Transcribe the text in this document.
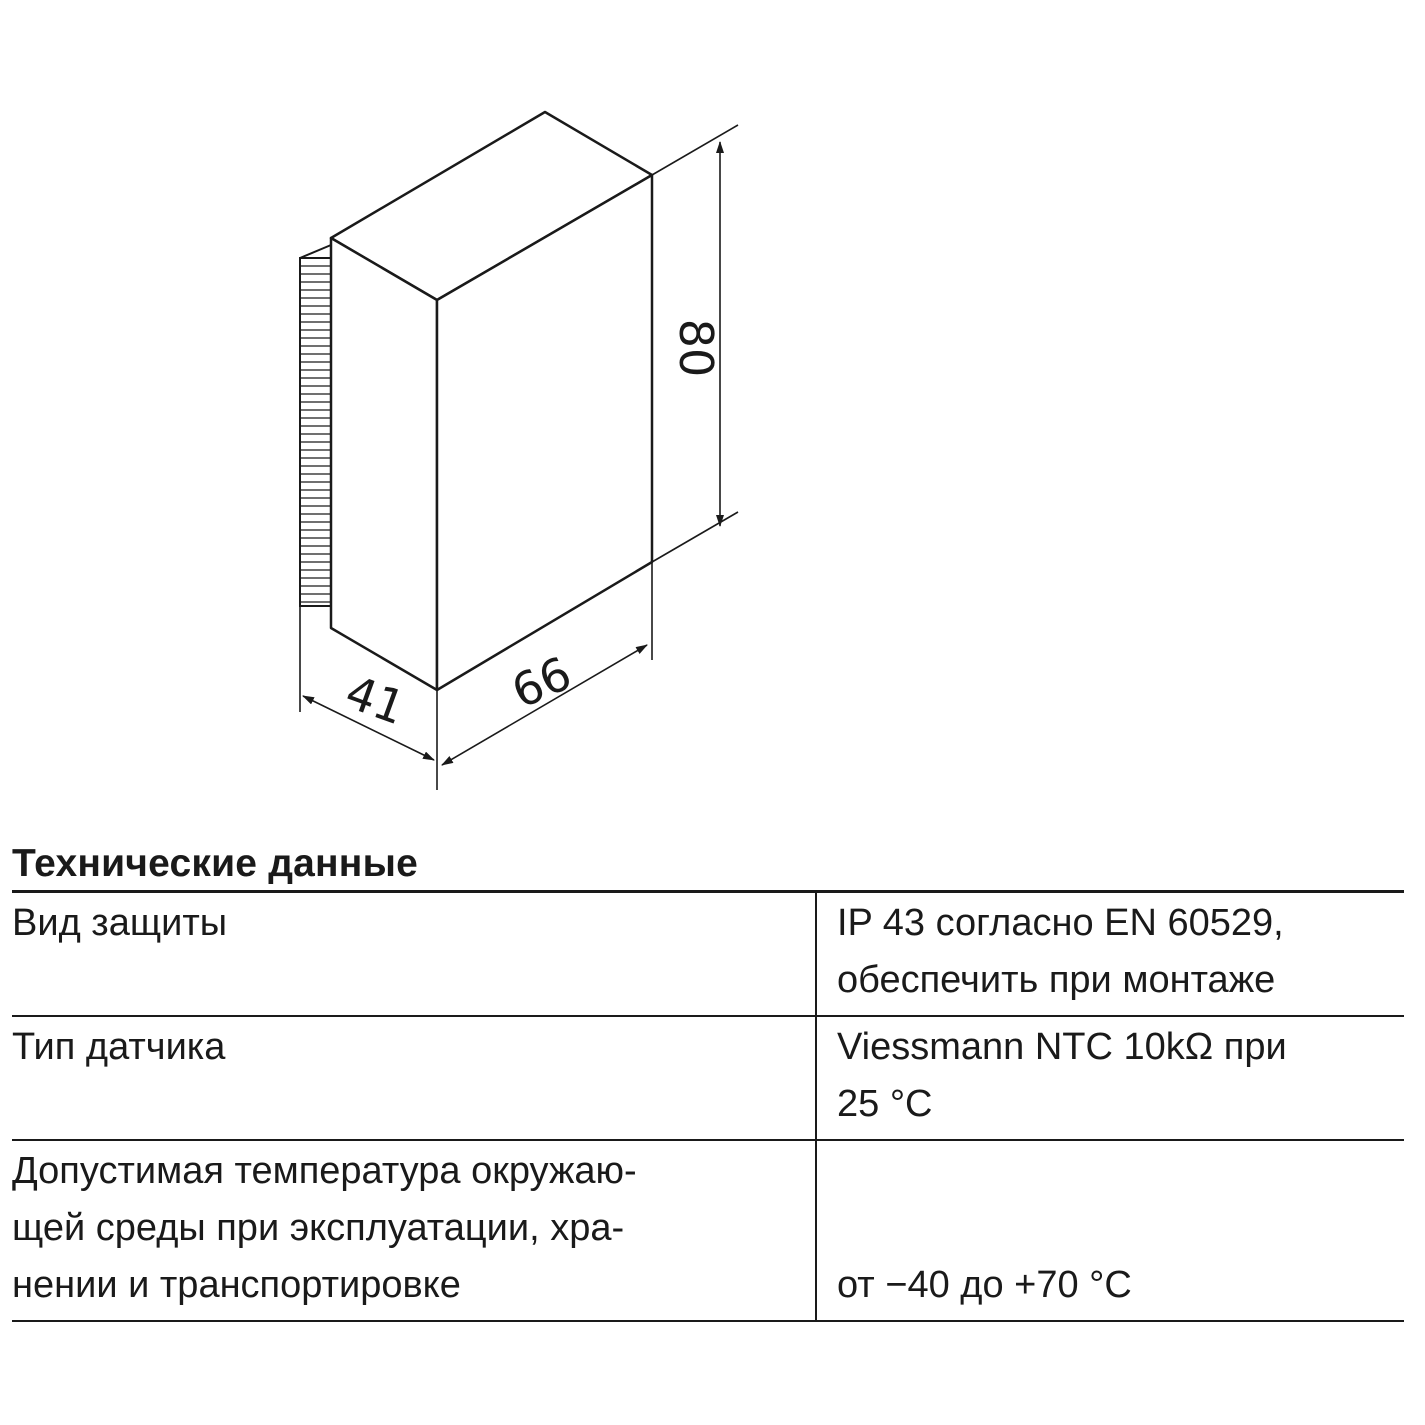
80
66
41
Технические данные
Вид защиты	IP 43 согласно EN 60529,
обеспечить при монтаже

Тип датчика	Viessmann NTC 10kΩ при
25 °C

Допустимая температура окружаю-
щей среды при эксплуатации, хра-
нении и транспортировке	от −40 до +70 °C
